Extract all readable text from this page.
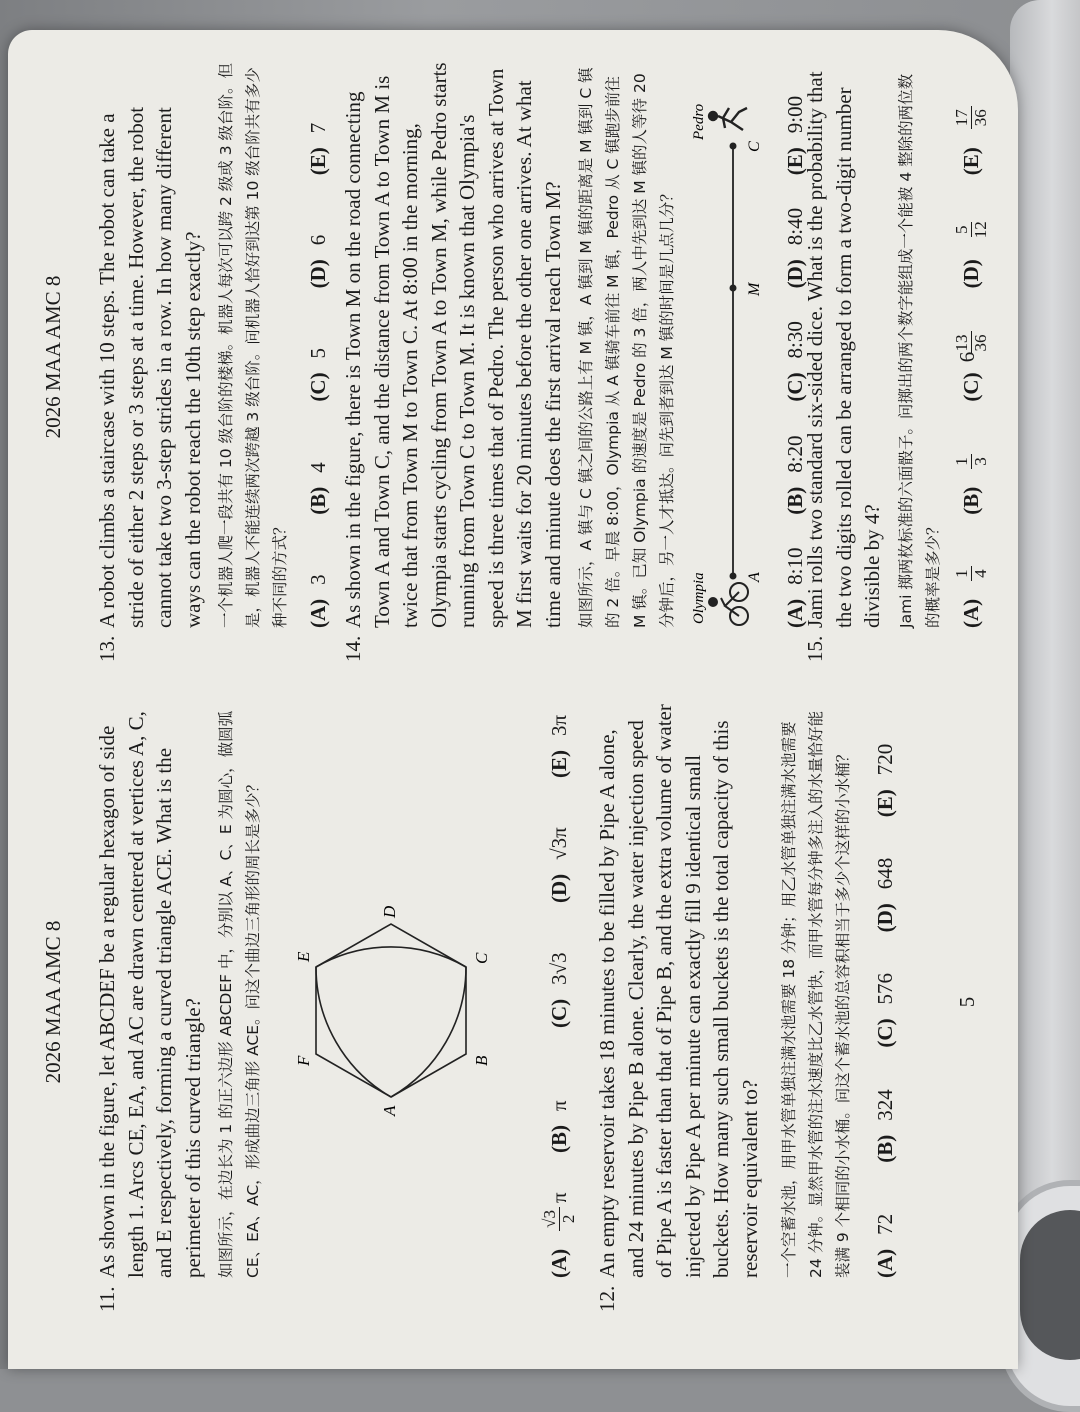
2026 MAA AMC 8
11.
As shown in the figure, let ABCDEF be a regular hexagon of side length 1. Arcs CE, EA, and AC are drawn centered at vertices A, C, and E respectively, forming a curved triangle ACE. What is the perimeter of this curved triangle? 如图所示，在边长为 1 的正六边形 ABCDEF 中，分别以 A、C、E 为圆心，做圆弧 CE、EA、AC，形成曲边三角形 ACE。问这个曲边三角形的周长是多少？	A
B
C
D
E
F
(A)
√3 2
π
(B)
π
(C)
3√3
(D)
√3π
(E)
3π
12.
An empty reservoir takes 18 minutes to be filled by Pipe A alone, and 24 minutes by Pipe B alone. Clearly, the water injection speed of Pipe A is faster than that of Pipe B, and the extra volume of water injected by Pipe A per minute can exactly fill 9 identical small buckets. How many such small buckets is the total capacity of this reservoir equivalent to? 一个空蓄水池，用甲水管单独注满水池需要 18 分钟；用乙水管单独注满水池需要 24 分钟。显然甲水管的注水速度比乙水管快，而甲水管每分钟多注入的水量恰好能装满 9 个相同的小水桶。问这个蓄水池的总容积相当于多少个这样的小水桶？ (A)
72
(B)
324
(C)
576
(D)
648
(E)
720
5
2026 MAA AMC 8
13.
A robot climbs a staircase with 10 steps. The robot can take a stride of either 2 steps or 3 steps at a time. However, the robot cannot take two 3-step strides in a row. In how many different ways can the robot reach the 10th step exactly? 一个机器人爬一段共有 10 级台阶的楼梯。机器人每次可以跨 2 级或 3 级台阶。但是，机器人不能连续两次跨越 3 级台阶。问机器人恰好到达第 10 级台阶共有多少种不同的方式？ (A)
3
(B)
4
(C)
5
(D)
6
(E)
7
14.
As shown in the figure, there is Town M on the road connecting Town A and Town C, and the distance from Town A to Town M is twice that from Town M to Town C. At 8:00 in the morning, Olympia starts cycling from Town A to Town M, while Pedro starts running from Town C to Town M. It is known that Olympia's speed is three times that of Pedro. The person who arrives at Town M first waits for 20 minutes before the other one arrives. At what time and minute does the first arrival reach Town M? 如图所示，A 镇与 C 镇之间的公路上有 M 镇，A 镇到 M 镇的距离是 M 镇到 C 镇的 2 倍。早晨 8:00，Olympia 从 A 镇骑车前往 M 镇，Pedro 从 C 镇跑步前往 M 镇。已知 Olympia 的速度是 Pedro 的 3 倍，两人中先到达 M 镇的人等待 20 分钟后，另一人才抵达。问先到者到达 M 镇的时间是几点几分？	Olympia
Pedro
A
M
C
(A)
8:10
(B)
8:20
(C)
8:30
(D)
8:40
(E)
9:00
15.
Jami rolls two standard six-sided dice. What is the probability that the two digits rolled can be arranged to form a two-digit number divisible by 4? Jami 掷两枚标准的六面骰子。问掷出的两个数字能组成一个能被 4 整除的两位数的概率是多少？ (A)
1 4
(B)
1 3
(C)
13 36
(D)
5 12
(E)
17 36
6
